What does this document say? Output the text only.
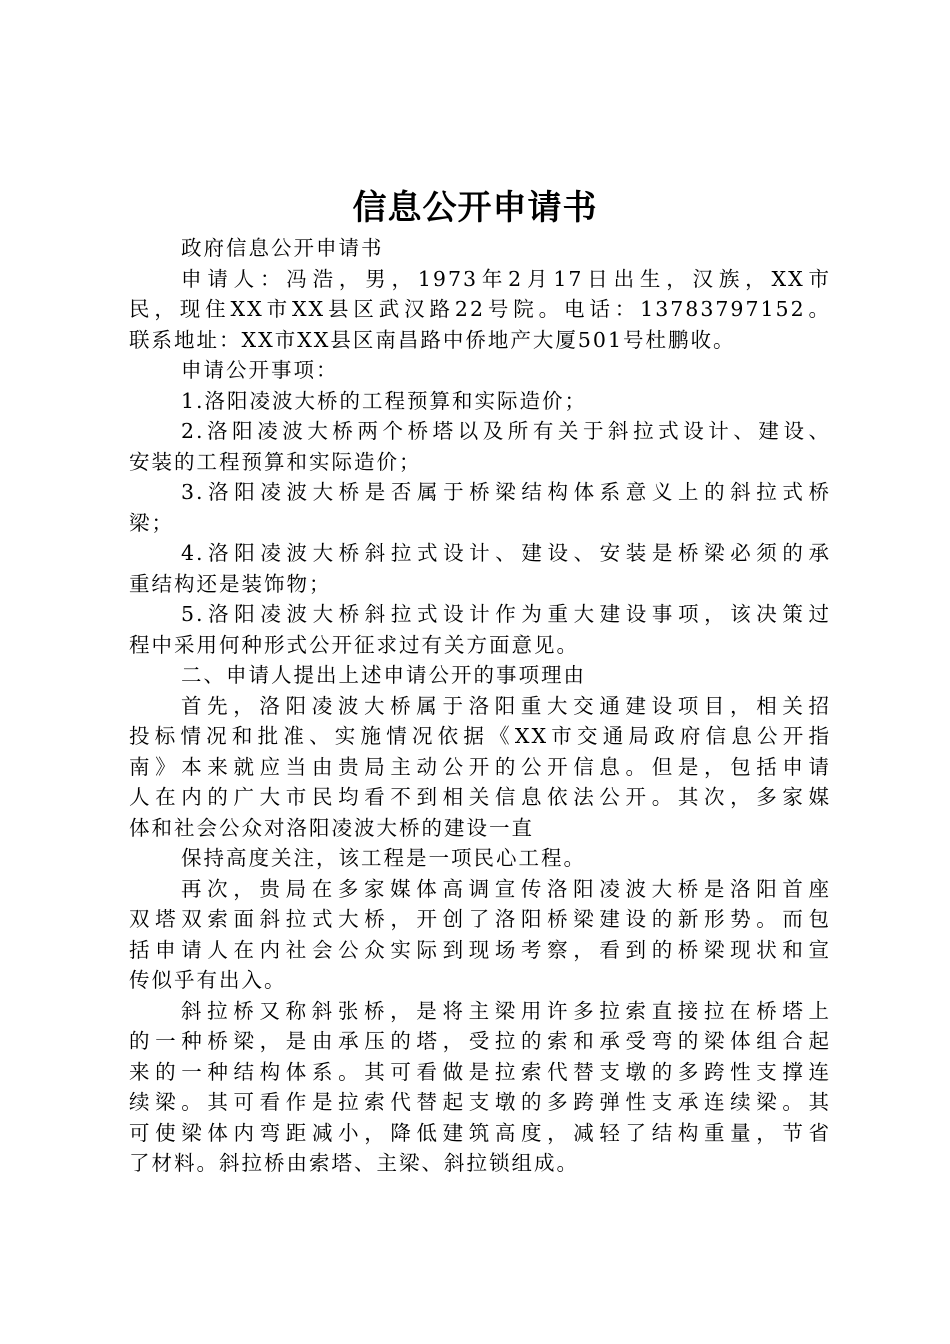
信息公开申请书
政府信息公开申请书
申请人：冯浩，男，1973年2月17日出生，汉族，XX市
民，现住XX市XX县区武汉路22号院。电话：13783797152。
联系地址：XX市XX县区南昌路中侨地产大厦501号杜鹏收。
申请公开事项：
1.洛阳凌波大桥的工程预算和实际造价；
2.洛阳凌波大桥两个桥塔以及所有关于斜拉式设计、建设、
安装的工程预算和实际造价；
3.洛阳凌波大桥是否属于桥梁结构体系意义上的斜拉式桥
梁；
4.洛阳凌波大桥斜拉式设计、建设、安装是桥梁必须的承
重结构还是装饰物；
5.洛阳凌波大桥斜拉式设计作为重大建设事项，该决策过
程中采用何种形式公开征求过有关方面意见。
二、申请人提出上述申请公开的事项理由
首先，洛阳凌波大桥属于洛阳重大交通建设项目，相关招
投标情况和批准、实施情况依据《XX市交通局政府信息公开指
南》本来就应当由贵局主动公开的公开信息。但是，包括申请
人在内的广大市民均看不到相关信息依法公开。其次，多家媒
体和社会公众对洛阳凌波大桥的建设一直
保持高度关注，该工程是一项民心工程。
再次，贵局在多家媒体高调宣传洛阳凌波大桥是洛阳首座
双塔双索面斜拉式大桥，开创了洛阳桥梁建设的新形势。而包
括申请人在内社会公众实际到现场考察，看到的桥梁现状和宣
传似乎有出入。
斜拉桥又称斜张桥，是将主梁用许多拉索直接拉在桥塔上
的一种桥梁，是由承压的塔，受拉的索和承受弯的梁体组合起
来的一种结构体系。其可看做是拉索代替支墩的多跨性支撑连
续梁。其可看作是拉索代替起支墩的多跨弹性支承连续梁。其
可使梁体内弯距减小，降低建筑高度，减轻了结构重量，节省
了材料。斜拉桥由索塔、主梁、斜拉锁组成。
